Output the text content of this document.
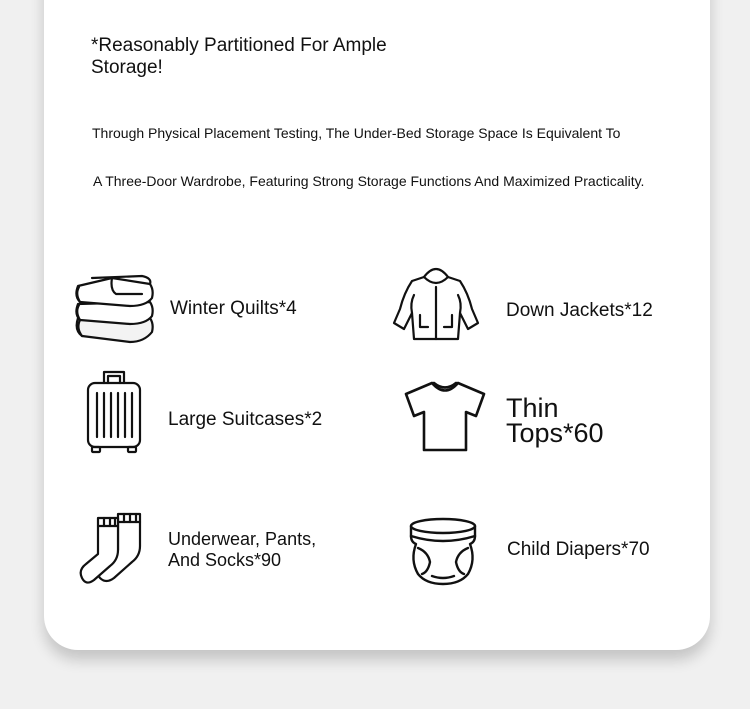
*Reasonably Partitioned For Ample Storage!

Through Physical Placement Testing, The Under-Bed Storage Space Is Equivalent To

A Three-Door Wardrobe, Featuring Strong Storage Functions And Maximized Practicality.

Winter Quilts*4	Down Jackets*12

Large Suitcases*2	Thin
Tops*60

Underwear, Pants,
And Socks*90	Child Diapers*70
